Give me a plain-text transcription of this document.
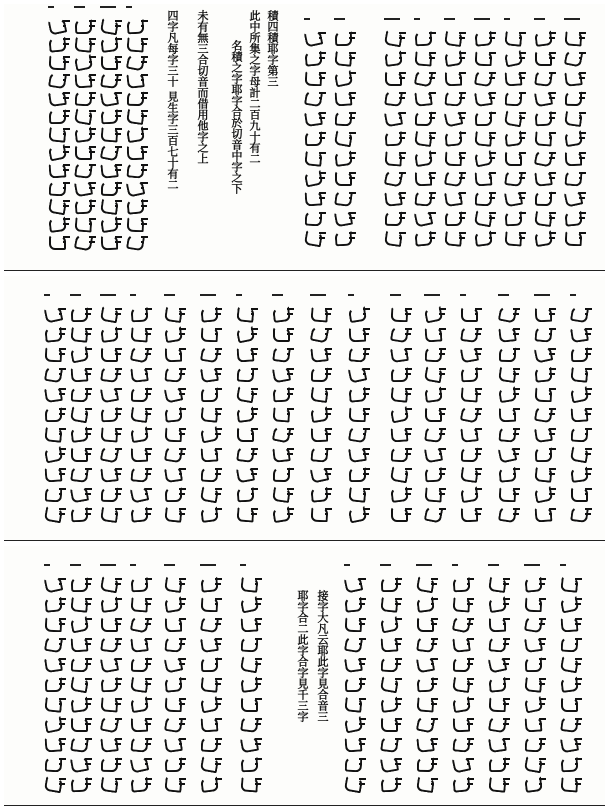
積四積耶字第三
此中所集之字母計二百九十有二
名積之字耶字合於切音中字之下
未有無三合切音而借用他字之上
四字凡每字三十 見生字三百七十有二
接字大凡云耶此字見合音三
耶字合二此字合字見千三字
